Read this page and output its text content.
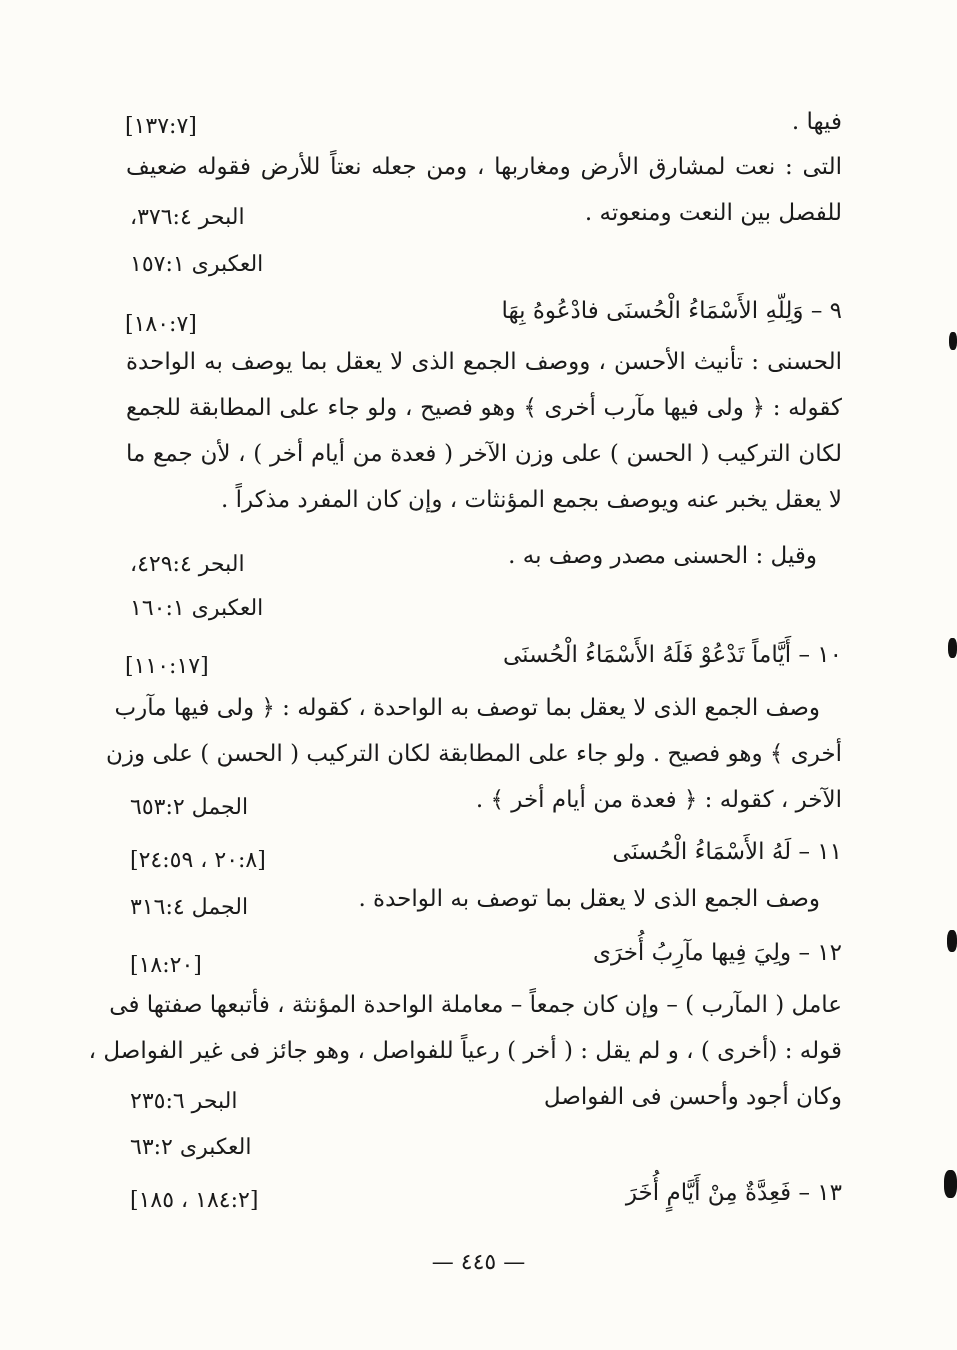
فيها .
[١٣٧:٧]
التى : نعت لمشارق الأرض ومغاربها ، ومن جعله نعتاً للأرض فقوله ضعيف
للفصل بين النعت ومنعوته .
البحر ٣٧٦:٤،
العكبرى ١٥٧:١
٩ – وَلِلّهِ الأَسْمَاءُ الْحُسنَى فادْعُوهُ بِهَا
[١٨٠:٧]
الحسنى : تأنيث الأحسن ، ووصف الجمع الذى لا يعقل بما يوصف به الواحدة
كقوله : ﴿ ولى فيها مآرب أخرى ﴾ وهو فصيح ، ولو جاء على المطابقة للجمع
لكان التركيب ( الحسن ) على وزن الآخر ( فعدة من أيام أخر ) ، لأن جمع ما
لا يعقل يخبر عنه ويوصف بجمع المؤنثات ، وإن كان المفرد مذكراً .
وقيل : الحسنى مصدر وصف به .
البحر ٤٢٩:٤،
العكبرى ١٦٠:١
١٠ – أَيَّاماً تَدْعُوْ فَلَهُ الأَسْمَاءُ الْحُسنَى
[١١٠:١٧]
وصف الجمع الذى لا يعقل بما توصف به الواحدة ، كقوله : ﴿ ولى فيها مآرب
أخرى ﴾ وهو فصيح . ولو جاء على المطابقة لكان التركيب ( الحسن ) على وزن
الآخر ، كقوله : ﴿ فعدة من أيام أخر ﴾ .
الجمل ٦٥٣:٢
١١ – لَهُ الأَسْمَاءُ الْحُسنَى
[٢٠:٨ ، ٢٤:٥٩]
وصف الجمع الذى لا يعقل بما توصف به الواحدة .
الجمل ٣١٦:٤
١٢ – ولِيَ فِيها مآرِبُ أُخرَى
[١٨:٢٠]
عامل ( المآرب ) – وإن كان جمعاً – معاملة الواحدة المؤنثة ، فأتبعها صفتها فى
قوله : (أخرى ) ، و لم يقل : ( أخر ) رعياً للفواصل ، وهو جائز فى غير الفواصل ،
وكان أجود وأحسن فى الفواصل
البحر ٢٣٥:٦
العكبرى ٦٣:٢
١٣ – فَعِدَّةٌ مِنْ أَيَّامٍ أُخَرَ
[١٨٤:٢ ، ١٨٥]
— ٤٤٥ —
